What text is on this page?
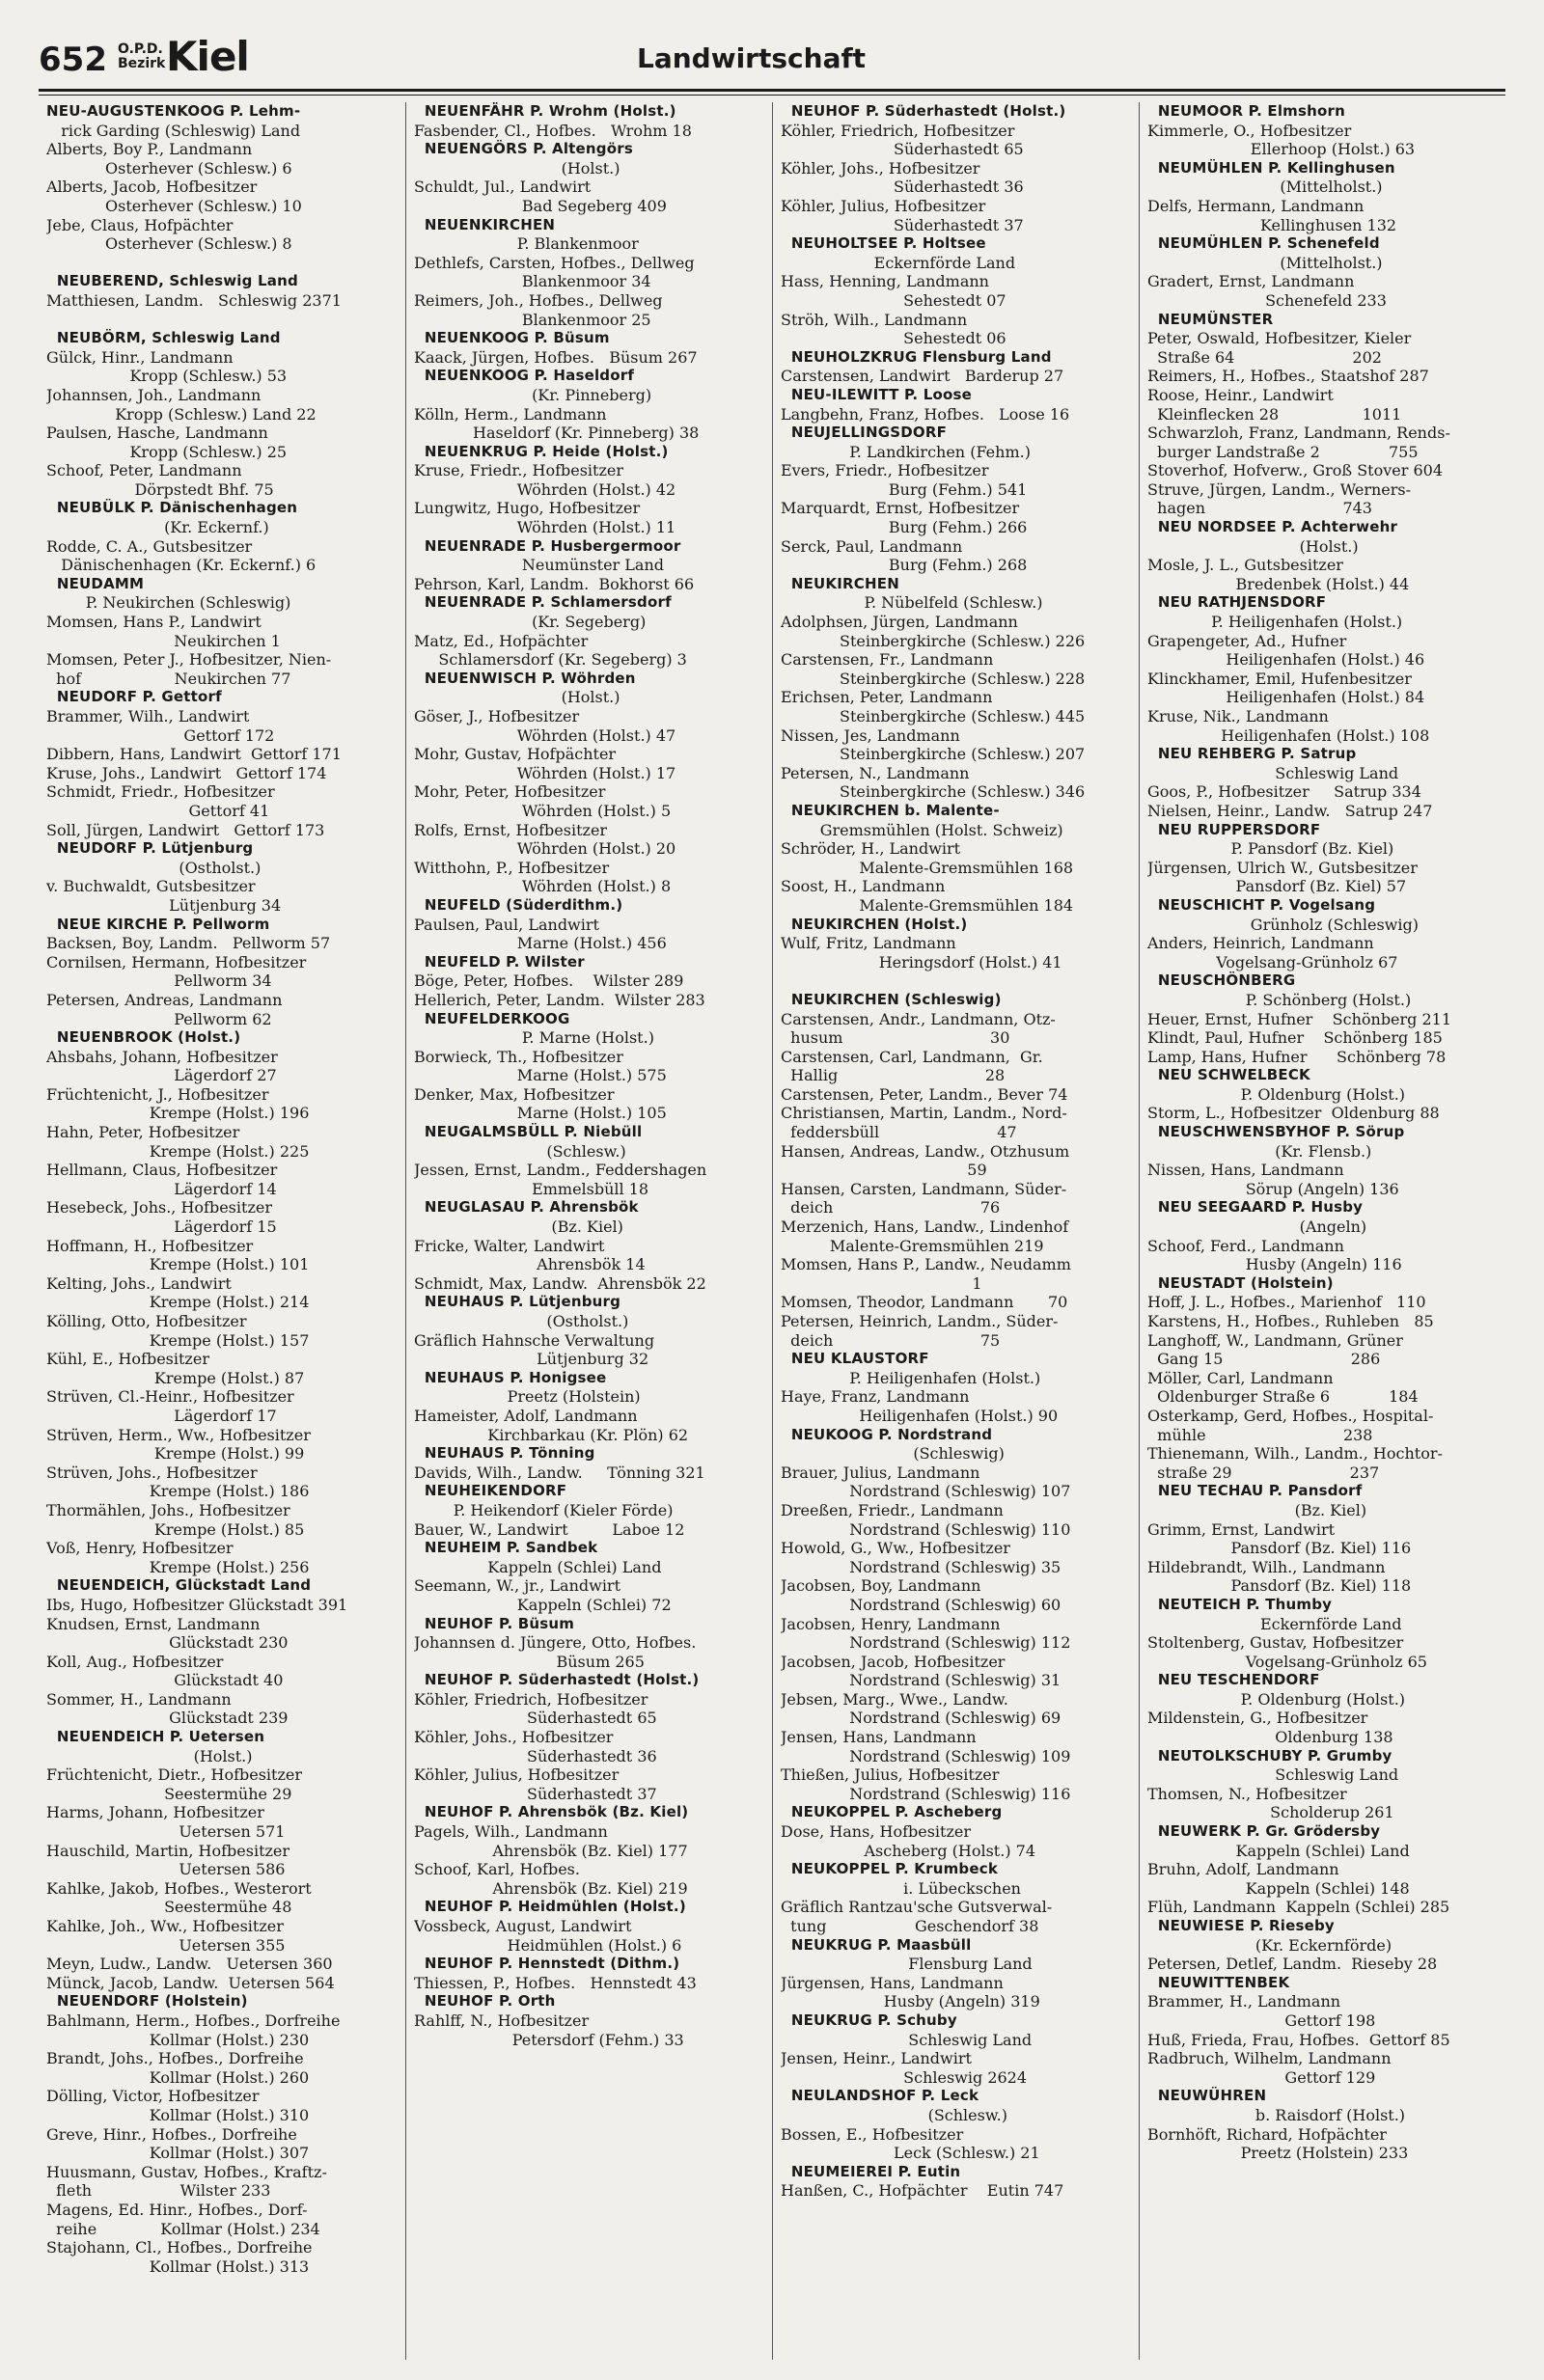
652 O.P.D.
Bezirk Kiel	Landwirtschaft
NEU-AUGUSTENKOOG P. Lehm-
rick Garding (Schleswig) Land
Alberts, Boy P., Landmann
Osterhever (Schlesw.) 6
Alberts, Jacob, Hofbesitzer
Osterhever (Schlesw.) 10
Jebe, Claus, Hofpächter
Osterhever (Schlesw.) 8

NEUBEREND, Schleswig Land
Matthiesen, Landm.   Schleswig 2371

NEUBÖRM, Schleswig Land
Gülck, Hinr., Landmann
Kropp (Schlesw.) 53
Johannsen, Joh., Landmann
Kropp (Schlesw.) Land 22
Paulsen, Hasche, Landmann
Kropp (Schlesw.) 25
Schoof, Peter, Landmann
Dörpstedt Bhf. 75
NEUBÜLK P. Dänischenhagen
(Kr. Eckernf.)
Rodde, C. A., Gutsbesitzer
Dänischenhagen (Kr. Eckernf.) 6
NEUDAMM
P. Neukirchen (Schleswig)
Momsen, Hans P., Landwirt
Neukirchen 1
Momsen, Peter J., Hofbesitzer, Nien-
hof                   Neukirchen 77
NEUDORF P. Gettorf
Brammer, Wilh., Landwirt
Gettorf 172
Dibbern, Hans, Landwirt  Gettorf 171
Kruse, Johs., Landwirt   Gettorf 174
Schmidt, Friedr., Hofbesitzer
Gettorf 41
Soll, Jürgen, Landwirt   Gettorf 173
NEUDORF P. Lütjenburg
(Ostholst.)
v. Buchwaldt, Gutsbesitzer
Lütjenburg 34
NEUE KIRCHE P. Pellworm
Backsen, Boy, Landm.   Pellworm 57
Cornilsen, Hermann, Hofbesitzer
Pellworm 34
Petersen, Andreas, Landmann
Pellworm 62
NEUENBROOK (Holst.)
Ahsbahs, Johann, Hofbesitzer
Lägerdorf 27
Früchtenicht, J., Hofbesitzer
Krempe (Holst.) 196
Hahn, Peter, Hofbesitzer
Krempe (Holst.) 225
Hellmann, Claus, Hofbesitzer
Lägerdorf 14
Hesebeck, Johs., Hofbesitzer
Lägerdorf 15
Hoffmann, H., Hofbesitzer
Krempe (Holst.) 101
Kelting, Johs., Landwirt
Krempe (Holst.) 214
Kölling, Otto, Hofbesitzer
Krempe (Holst.) 157
Kühl, E., Hofbesitzer
Krempe (Holst.) 87
Strüven, Cl.-Heinr., Hofbesitzer
Lägerdorf 17
Strüven, Herm., Ww., Hofbesitzer
Krempe (Holst.) 99
Strüven, Johs., Hofbesitzer
Krempe (Holst.) 186
Thormählen, Johs., Hofbesitzer
Krempe (Holst.) 85
Voß, Henry, Hofbesitzer
Krempe (Holst.) 256
NEUENDEICH, Glückstadt Land
Ibs, Hugo, Hofbesitzer Glückstadt 391
Knudsen, Ernst, Landmann
Glückstadt 230
Koll, Aug., Hofbesitzer
Glückstadt 40
Sommer, H., Landmann
Glückstadt 239
NEUENDEICH P. Uetersen
(Holst.)
Früchtenicht, Dietr., Hofbesitzer
Seestermühe 29
Harms, Johann, Hofbesitzer
Uetersen 571
Hauschild, Martin, Hofbesitzer
Uetersen 586
Kahlke, Jakob, Hofbes., Westerort
Seestermühe 48
Kahlke, Joh., Ww., Hofbesitzer
Uetersen 355
Meyn, Ludw., Landw.   Uetersen 360
Münck, Jacob, Landw.  Uetersen 564
NEUENDORF (Holstein)
Bahlmann, Herm., Hofbes., Dorfreihe
Kollmar (Holst.) 230
Brandt, Johs., Hofbes., Dorfreihe
Kollmar (Holst.) 260
Dölling, Victor, Hofbesitzer
Kollmar (Holst.) 310
Greve, Hinr., Hofbes., Dorfreihe
Kollmar (Holst.) 307
Huusmann, Gustav, Hofbes., Kraftz-
fleth                  Wilster 233
Magens, Ed. Hinr., Hofbes., Dorf-
reihe             Kollmar (Holst.) 234
Stajohann, Cl., Hofbes., Dorfreihe
Kollmar (Holst.) 313
NEUENFÄHR P. Wrohm (Holst.)
Fasbender, Cl., Hofbes.   Wrohm 18
NEUENGÖRS P. Altengörs
(Holst.)
Schuldt, Jul., Landwirt
Bad Segeberg 409
NEUENKIRCHEN
P. Blankenmoor
Dethlefs, Carsten, Hofbes., Dellweg
Blankenmoor 34
Reimers, Joh., Hofbes., Dellweg
Blankenmoor 25
NEUENKOOG P. Büsum
Kaack, Jürgen, Hofbes.   Büsum 267
NEUENKOOG P. Haseldorf
(Kr. Pinneberg)
Kölln, Herm., Landmann
Haseldorf (Kr. Pinneberg) 38
NEUENKRUG P. Heide (Holst.)
Kruse, Friedr., Hofbesitzer
Wöhrden (Holst.) 42
Lungwitz, Hugo, Hofbesitzer
Wöhrden (Holst.) 11
NEUENRADE P. Husbergermoor
Neumünster Land
Pehrson, Karl, Landm.  Bokhorst 66
NEUENRADE P. Schlamersdorf
(Kr. Segeberg)
Matz, Ed., Hofpächter
Schlamersdorf (Kr. Segeberg) 3
NEUENWISCH P. Wöhrden
(Holst.)
Göser, J., Hofbesitzer
Wöhrden (Holst.) 47
Mohr, Gustav, Hofpächter
Wöhrden (Holst.) 17
Mohr, Peter, Hofbesitzer
Wöhrden (Holst.) 5
Rolfs, Ernst, Hofbesitzer
Wöhrden (Holst.) 20
Witthohn, P., Hofbesitzer
Wöhrden (Holst.) 8
NEUFELD (Süderdithm.)
Paulsen, Paul, Landwirt
Marne (Holst.) 456
NEUFELD P. Wilster
Böge, Peter, Hofbes.    Wilster 289
Hellerich, Peter, Landm.  Wilster 283
NEUFELDERKOOG
P. Marne (Holst.)
Borwieck, Th., Hofbesitzer
Marne (Holst.) 575
Denker, Max, Hofbesitzer
Marne (Holst.) 105
NEUGALMSBÜLL P. Niebüll
(Schlesw.)
Jessen, Ernst, Landm., Feddershagen
Emmelsbüll 18
NEUGLASAU P. Ahrensbök
(Bz. Kiel)
Fricke, Walter, Landwirt
Ahrensbök 14
Schmidt, Max, Landw.  Ahrensbök 22
NEUHAUS P. Lütjenburg
(Ostholst.)
Gräflich Hahnsche Verwaltung
Lütjenburg 32
NEUHAUS P. Honigsee
Preetz (Holstein)
Hameister, Adolf, Landmann
Kirchbarkau (Kr. Plön) 62
NEUHAUS P. Tönning
Davids, Wilh., Landw.     Tönning 321
NEUHEIKENDORF
P. Heikendorf (Kieler Förde)
Bauer, W., Landwirt         Laboe 12
NEUHEIM P. Sandbek
Kappeln (Schlei) Land
Seemann, W., jr., Landwirt
Kappeln (Schlei) 72
NEUHOF P. Büsum
Johannsen d. Jüngere, Otto, Hofbes.
Büsum 265
NEUHOF P. Süderhastedt (Holst.)
Köhler, Friedrich, Hofbesitzer
Süderhastedt 65
Köhler, Johs., Hofbesitzer
Süderhastedt 36
Köhler, Julius, Hofbesitzer
Süderhastedt 37
NEUHOF P. Ahrensbök (Bz. Kiel)
Pagels, Wilh., Landmann
Ahrensbök (Bz. Kiel) 177
Schoof, Karl, Hofbes.
Ahrensbök (Bz. Kiel) 219
NEUHOF P. Heidmühlen (Holst.)
Vossbeck, August, Landwirt
Heidmühlen (Holst.) 6
NEUHOF P. Hennstedt (Dithm.)
Thiessen, P., Hofbes.   Hennstedt 43
NEUHOF P. Orth
Rahlff, N., Hofbesitzer
Petersdorf (Fehm.) 33
NEUHOF P. Süderhastedt (Holst.)
Köhler, Friedrich, Hofbesitzer
Süderhastedt 65
Köhler, Johs., Hofbesitzer
Süderhastedt 36
Köhler, Julius, Hofbesitzer
Süderhastedt 37
NEUHOLTSEE P. Holtsee
Eckernförde Land
Hass, Henning, Landmann
Sehestedt 07
Ströh, Wilh., Landmann
Sehestedt 06
NEUHOLZKRUG Flensburg Land
Carstensen, Landwirt   Barderup 27
NEU-ILEWITT P. Loose
Langbehn, Franz, Hofbes.   Loose 16
NEUJELLINGSDORF
P. Landkirchen (Fehm.)
Evers, Friedr., Hofbesitzer
Burg (Fehm.) 541
Marquardt, Ernst, Hofbesitzer
Burg (Fehm.) 266
Serck, Paul, Landmann
Burg (Fehm.) 268
NEUKIRCHEN
P. Nübelfeld (Schlesw.)
Adolphsen, Jürgen, Landmann
Steinbergkirche (Schlesw.) 226
Carstensen, Fr., Landmann
Steinbergkirche (Schlesw.) 228
Erichsen, Peter, Landmann
Steinbergkirche (Schlesw.) 445
Nissen, Jes, Landmann
Steinbergkirche (Schlesw.) 207
Petersen, N., Landmann
Steinbergkirche (Schlesw.) 346
NEUKIRCHEN b. Malente-
Gremsmühlen (Holst. Schweiz)
Schröder, H., Landwirt
Malente-Gremsmühlen 168
Soost, H., Landmann
Malente-Gremsmühlen 184
NEUKIRCHEN (Holst.)
Wulf, Fritz, Landmann
Heringsdorf (Holst.) 41

NEUKIRCHEN (Schleswig)
Carstensen, Andr., Landmann, Otz-
husum                              30
Carstensen, Carl, Landmann,  Gr.
Hallig                              28
Carstensen, Peter, Landm., Bever 74
Christiansen, Martin, Landm., Nord-
feddersbüll                        47
Hansen, Andreas, Landw., Otzhusum
59
Hansen, Carsten, Landmann, Süder-
deich                              76
Merzenich, Hans, Landw., Lindenhof
Malente-Gremsmühlen 219
Momsen, Hans P., Landw., Neudamm
1
Momsen, Theodor, Landmann       70
Petersen, Heinrich, Landm., Süder-
deich                              75
NEU KLAUSTORF
P. Heiligenhafen (Holst.)
Haye, Franz, Landmann
Heiligenhafen (Holst.) 90
NEUKOOG P. Nordstrand
(Schleswig)
Brauer, Julius, Landmann
Nordstrand (Schleswig) 107
Dreeßen, Friedr., Landmann
Nordstrand (Schleswig) 110
Howold, G., Ww., Hofbesitzer
Nordstrand (Schleswig) 35
Jacobsen, Boy, Landmann
Nordstrand (Schleswig) 60
Jacobsen, Henry, Landmann
Nordstrand (Schleswig) 112
Jacobsen, Jacob, Hofbesitzer
Nordstrand (Schleswig) 31
Jebsen, Marg., Wwe., Landw.
Nordstrand (Schleswig) 69
Jensen, Hans, Landmann
Nordstrand (Schleswig) 109
Thießen, Julius, Hofbesitzer
Nordstrand (Schleswig) 116
NEUKOPPEL P. Ascheberg
Dose, Hans, Hofbesitzer
Ascheberg (Holst.) 74
NEUKOPPEL P. Krumbeck
i. Lübeckschen
Gräflich Rantzau'sche Gutsverwal-
tung                  Geschendorf 38
NEUKRUG P. Maasbüll
Flensburg Land
Jürgensen, Hans, Landmann
Husby (Angeln) 319
NEUKRUG P. Schuby
Schleswig Land
Jensen, Heinr., Landwirt
Schleswig 2624
NEULANDSHOF P. Leck
(Schlesw.)
Bossen, E., Hofbesitzer
Leck (Schlesw.) 21
NEUMEIEREI P. Eutin
Hanßen, C., Hofpächter    Eutin 747
NEUMOOR P. Elmshorn
Kimmerle, O., Hofbesitzer
Ellerhoop (Holst.) 63
NEUMÜHLEN P. Kellinghusen
(Mittelholst.)
Delfs, Hermann, Landmann
Kellinghusen 132
NEUMÜHLEN P. Schenefeld
(Mittelholst.)
Gradert, Ernst, Landmann
Schenefeld 233
NEUMÜNSTER
Peter, Oswald, Hofbesitzer, Kieler
Straße 64                        202
Reimers, H., Hofbes., Staatshof 287
Roose, Heinr., Landwirt
Kleinflecken 28                 1011
Schwarzloh, Franz, Landmann, Rends-
burger Landstraße 2              755
Stoverhof, Hofverw., Groß Stover 604
Struve, Jürgen, Landm., Werners-
hagen                            743
NEU NORDSEE P. Achterwehr
(Holst.)
Mosle, J. L., Gutsbesitzer
Bredenbek (Holst.) 44
NEU RATHJENSDORF
P. Heiligenhafen (Holst.)
Grapengeter, Ad., Hufner
Heiligenhafen (Holst.) 46
Klinckhamer, Emil, Hufenbesitzer
Heiligenhafen (Holst.) 84
Kruse, Nik., Landmann
Heiligenhafen (Holst.) 108
NEU REHBERG P. Satrup
Schleswig Land
Goos, P., Hofbesitzer     Satrup 334
Nielsen, Heinr., Landw.   Satrup 247
NEU RUPPERSDORF
P. Pansdorf (Bz. Kiel)
Jürgensen, Ulrich W., Gutsbesitzer
Pansdorf (Bz. Kiel) 57
NEUSCHICHT P. Vogelsang
Grünholz (Schleswig)
Anders, Heinrich, Landmann
Vogelsang-Grünholz 67
NEUSCHÖNBERG
P. Schönberg (Holst.)
Heuer, Ernst, Hufner    Schönberg 211
Klindt, Paul, Hufner    Schönberg 185
Lamp, Hans, Hufner      Schönberg 78
NEU SCHWELBECK
P. Oldenburg (Holst.)
Storm, L., Hofbesitzer  Oldenburg 88
NEUSCHWENSBYHOF P. Sörup
(Kr. Flensb.)
Nissen, Hans, Landmann
Sörup (Angeln) 136
NEU SEEGAARD P. Husby
(Angeln)
Schoof, Ferd., Landmann
Husby (Angeln) 116
NEUSTADT (Holstein)
Hoff, J. L., Hofbes., Marienhof   110
Karstens, H., Hofbes., Ruhleben   85
Langhoff, W., Landmann, Grüner
Gang 15                          286
Möller, Carl, Landmann
Oldenburger Straße 6            184
Osterkamp, Gerd, Hofbes., Hospital-
mühle                            238
Thienemann, Wilh., Landm., Hochtor-
straße 29                        237
NEU TECHAU P. Pansdorf
(Bz. Kiel)
Grimm, Ernst, Landwirt
Pansdorf (Bz. Kiel) 116
Hildebrandt, Wilh., Landmann
Pansdorf (Bz. Kiel) 118
NEUTEICH P. Thumby
Eckernförde Land
Stoltenberg, Gustav, Hofbesitzer
Vogelsang-Grünholz 65
NEU TESCHENDORF
P. Oldenburg (Holst.)
Mildenstein, G., Hofbesitzer
Oldenburg 138
NEUTOLKSCHUBY P. Grumby
Schleswig Land
Thomsen, N., Hofbesitzer
Scholderup 261
NEUWERK P. Gr. Grödersby
Kappeln (Schlei) Land
Bruhn, Adolf, Landmann
Kappeln (Schlei) 148
Flüh, Landmann  Kappeln (Schlei) 285
NEUWIESE P. Rieseby
(Kr. Eckernförde)
Petersen, Detlef, Landm.  Rieseby 28
NEUWITTENBEK
Brammer, H., Landmann
Gettorf 198
Huß, Frieda, Frau, Hofbes.  Gettorf 85
Radbruch, Wilhelm, Landmann
Gettorf 129
NEUWÜHREN
b. Raisdorf (Holst.)
Bornhöft, Richard, Hofpächter
Preetz (Holstein) 233
